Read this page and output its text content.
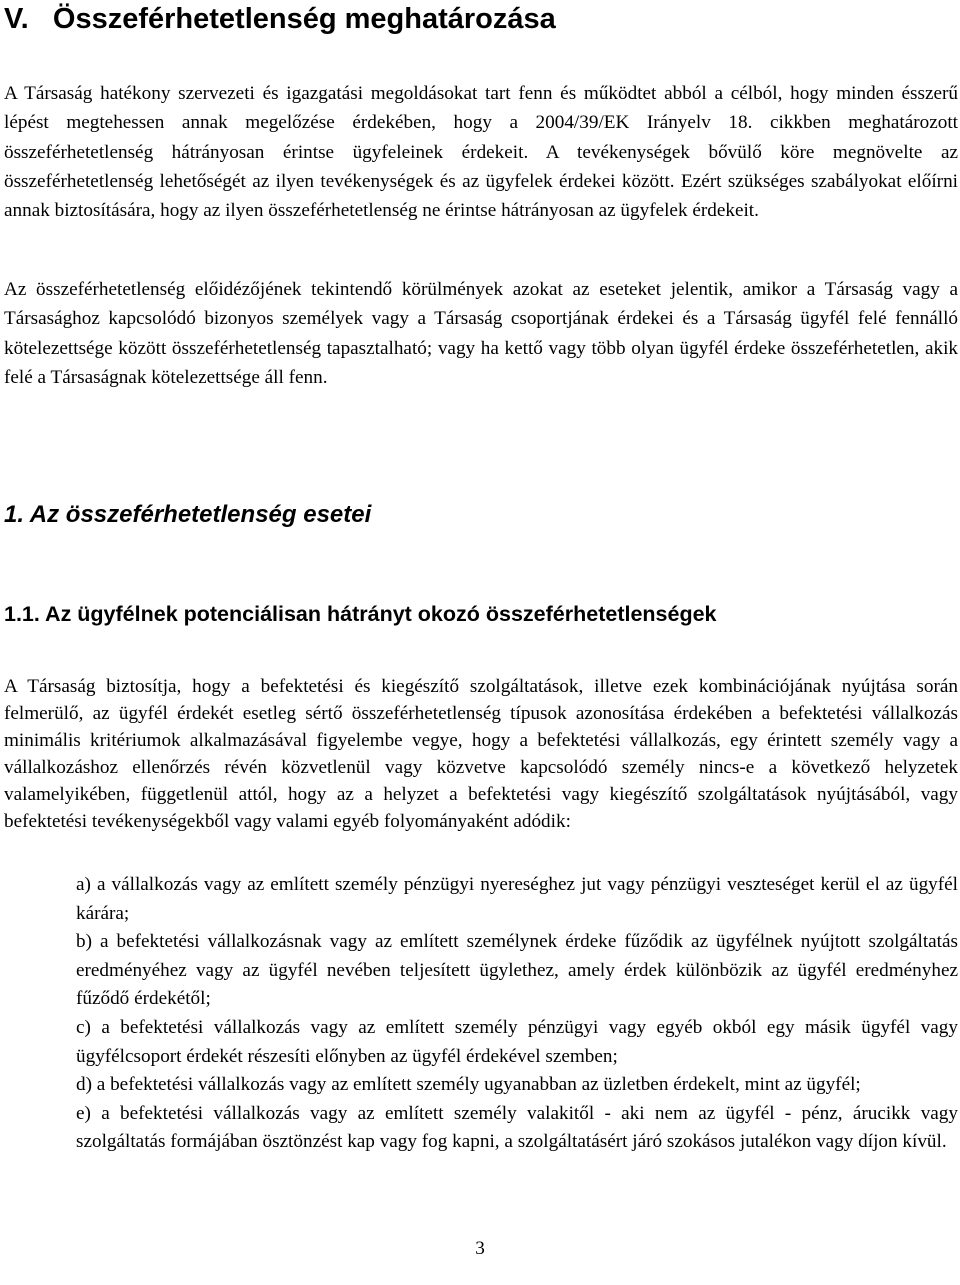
V.   Összeférhetetlenség meghatározása

A Társaság hatékony szervezeti és igazgatási megoldásokat tart fenn és működtet abból a célból, hogy minden ésszerű lépést megtehessen annak megelőzése érdekében, hogy a 2004/39/EK Irányelv 18. cikkben meghatározott összeférhetetlenség hátrányosan érintse ügyfeleinek érdekeit. A tevékenységek bővülő köre megnövelte az összeférhetetlenség lehetőségét az ilyen tevékenységek és az ügyfelek érdekei között. Ezért szükséges szabályokat előírni annak biztosítására, hogy az ilyen összeférhetetlenség ne érintse hátrányosan az ügyfelek érdekeit.

Az összeférhetetlenség előidézőjének tekintendő körülmények azokat az eseteket jelentik, amikor a Társaság vagy a Társasághoz kapcsolódó bizonyos személyek vagy a Társaság csoportjának érdekei és a Társaság ügyfél felé fennálló kötelezettsége között összeférhetetlenség tapasztalható; vagy ha kettő vagy több olyan ügyfél érdeke összeférhetetlen, akik felé a Társaságnak kötelezettsége áll fenn.

1. Az összeférhetetlenség esetei
1.1. Az ügyfélnek potenciálisan hátrányt okozó összeférhetetlenségek

A Társaság biztosítja, hogy a befektetési és kiegészítő szolgáltatások, illetve ezek kombinációjának nyújtása során felmerülő, az ügyfél érdekét esetleg sértő összeférhetetlenség típusok azonosítása érdekében a befektetési vállalkozás minimális kritériumok alkalmazásával figyelembe vegye, hogy a befektetési vállalkozás, egy érintett személy vagy a vállalkozáshoz ellenőrzés révén közvetlenül vagy közvetve kapcsolódó személy nincs-e a következő helyzetek valamelyikében, függetlenül attól, hogy az a helyzet a befektetési vagy kiegészítő szolgáltatások nyújtásából, vagy befektetési tevékenységekből vagy valami egyéb folyományaként adódik:

a) a vállalkozás vagy az említett személy pénzügyi nyereséghez jut vagy pénzügyi veszteséget kerül el az ügyfél kárára;
b) a befektetési vállalkozásnak vagy az említett személynek érdeke fűződik az ügyfélnek nyújtott szolgáltatás eredményéhez vagy az ügyfél nevében teljesített ügylethez, amely érdek különbözik az ügyfél eredményhez fűződő érdekétől;
c) a befektetési vállalkozás vagy az említett személy pénzügyi vagy egyéb okból egy másik ügyfél vagy ügyfélcsoport érdekét részesíti előnyben az ügyfél érdekével szemben;
d) a befektetési vállalkozás vagy az említett személy ugyanabban az üzletben érdekelt, mint az ügyfél;
e) a befektetési vállalkozás vagy az említett személy valakitől - aki nem az ügyfél - pénz, árucikk vagy szolgáltatás formájában ösztönzést kap vagy fog kapni, a szolgáltatásért járó szokásos jutalékon vagy díjon kívül.
3
